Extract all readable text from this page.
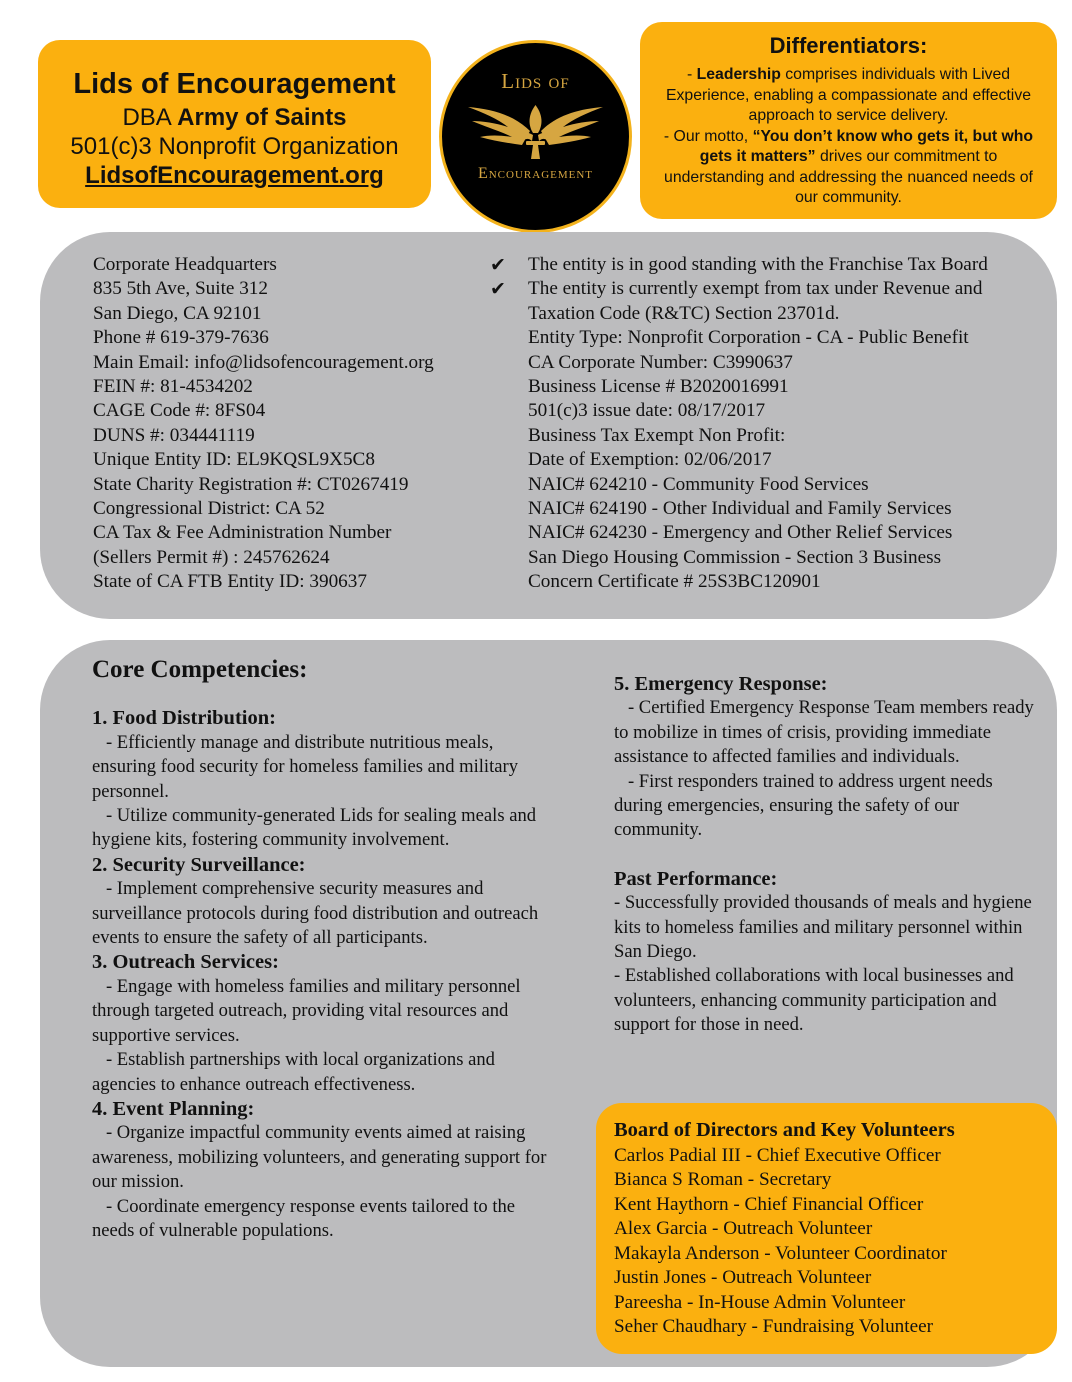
Lids of Encouragement
DBA Army of Saints
501(c)3 Nonprofit Organization
LidsofEncouragement.org
Lids of
Encouragement
Differentiators:
- Leadership comprises individuals with Lived Experience, enabling a compassionate and effective approach to service delivery.
- Our motto, “You don’t know who gets it, but who gets it matters” drives our commitment to understanding and addressing the nuanced needs of our community.
Corporate Headquarters
835 5th Ave, Suite 312
San Diego, CA 92101
Phone # 619-379-7636
Main Email: info@lidsofencouragement.org
FEIN #: 81-4534202
CAGE Code #: 8FS04
DUNS #: 034441119
Unique Entity ID: EL9KQSL9X5C8
State Charity Registration #: CT0267419
Congressional District: CA 52
CA Tax & Fee Administration Number
(Sellers Permit #) : 245762624
State of CA FTB Entity ID: 390637
✔ The entity is in good standing with the Franchise Tax Board
✔ The entity is currently exempt from tax under Revenue and Taxation Code (R&TC) Section 23701d.
Entity Type: Nonprofit Corporation - CA - Public Benefit
CA Corporate Number: C3990637
Business License # B2020016991
501(c)3 issue date: 08/17/2017
Business Tax Exempt Non Profit:
Date of Exemption: 02/06/2017
NAIC# 624210 - Community Food Services
NAIC# 624190 - Other Individual and Family Services
NAIC# 624230 - Emergency and Other Relief Services
San Diego Housing Commission - Section 3 Business
Concern Certificate # 25S3BC120901
Core Competencies:
1. Food Distribution:

- Efficiently manage and distribute nutritious meals, ensuring food security for homeless families and military personnel.

- Utilize community-generated Lids for sealing meals and hygiene kits, fostering community involvement.

2. Security Surveillance:

- Implement comprehensive security measures and surveillance protocols during food distribution and outreach events to ensure the safety of all participants.

3. Outreach Services:

- Engage with homeless families and military personnel through targeted outreach, providing vital resources and supportive services.

- Establish partnerships with local organizations and agencies to enhance outreach effectiveness.

4. Event Planning:

- Organize impactful community events aimed at raising awareness, mobilizing volunteers, and generating support for our mission.

- Coordinate emergency response events tailored to the needs of vulnerable populations.

5. Emergency Response:

- Certified Emergency Response Team members ready to mobilize in times of crisis, providing immediate assistance to affected families and individuals.

- First responders trained to address urgent needs during emergencies, ensuring the safety of our community.

Past Performance:

- Successfully provided thousands of meals and hygiene kits to homeless families and military personnel within San Diego.

- Established collaborations with local businesses and volunteers, enhancing community participation and support for those in need.

Board of Directors and Key Volunteers
Carlos Padial III - Chief Executive Officer
Bianca S Roman - Secretary
Kent Haythorn - Chief Financial Officer
Alex Garcia - Outreach Volunteer
Makayla Anderson - Volunteer Coordinator
Justin Jones - Outreach Volunteer
Pareesha - In-House Admin Volunteer
Seher Chaudhary - Fundraising Volunteer
